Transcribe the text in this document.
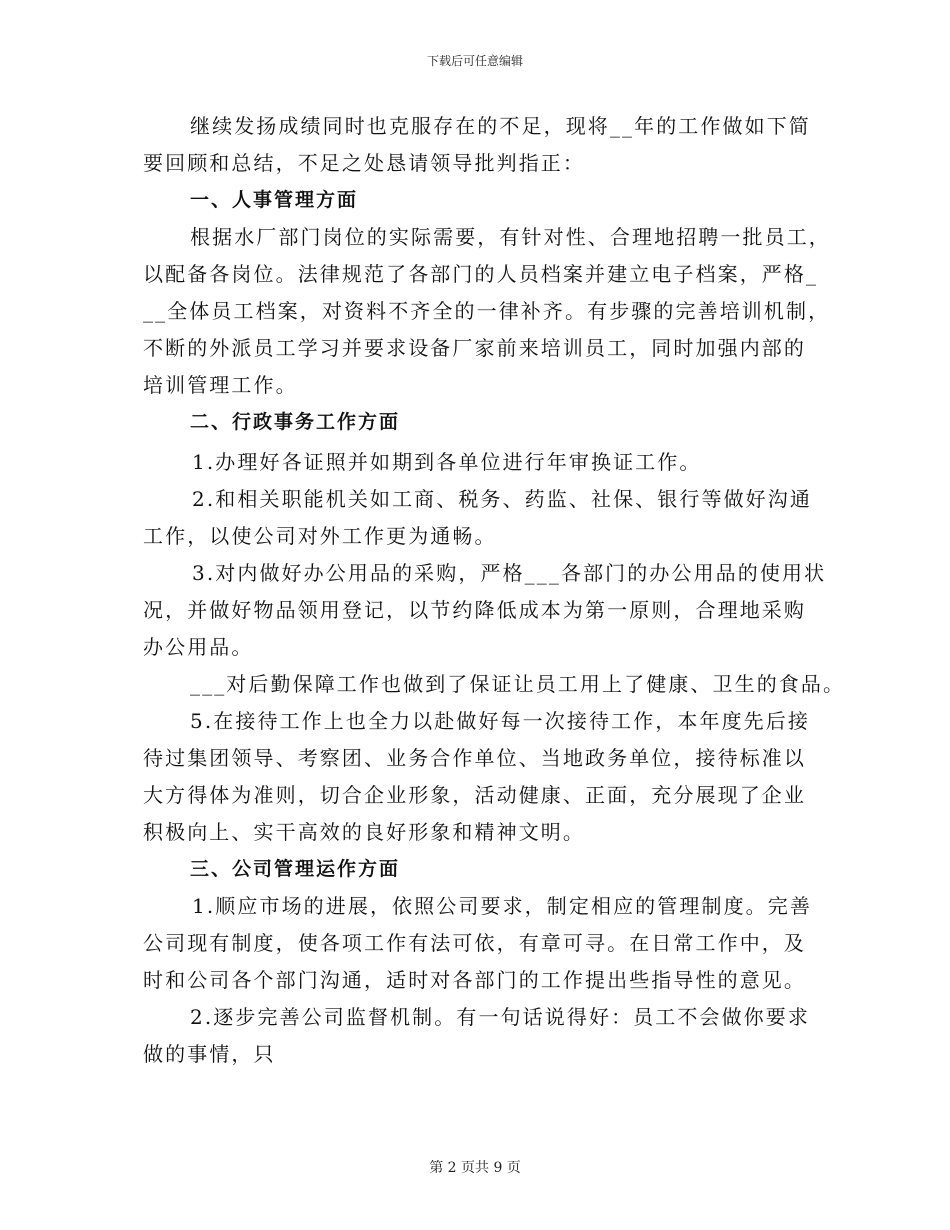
下载后可任意编辑
继续发扬成绩同时也克服存在的不足，现将__年的工作做如下简
要回顾和总结，不足之处恳请领导批判指正：
一、人事管理方面
根据水厂部门岗位的实际需要，有针对性、合理地招聘一批员工，
以配备各岗位。法律规范了各部门的人员档案并建立电子档案，严格_
__全体员工档案，对资料不齐全的一律补齐。有步骤的完善培训机制，
不断的外派员工学习并要求设备厂家前来培训员工，同时加强内部的
培训管理工作。
二、行政事务工作方面
1.办理好各证照并如期到各单位进行年审换证工作。
2.和相关职能机关如工商、税务、药监、社保、银行等做好沟通
工作，以使公司对外工作更为通畅。
3.对内做好办公用品的采购，严格___各部门的办公用品的使用状
况，并做好物品领用登记，以节约降低成本为第一原则，合理地采购
办公用品。
___对后勤保障工作也做到了保证让员工用上了健康、卫生的食品。
5.在接待工作上也全力以赴做好每一次接待工作，本年度先后接
待过集团领导、考察团、业务合作单位、当地政务单位，接待标准以
大方得体为准则，切合企业形象，活动健康、正面，充分展现了企业
积极向上、实干高效的良好形象和精神文明。
三、公司管理运作方面
1.顺应市场的进展，依照公司要求，制定相应的管理制度。完善
公司现有制度，使各项工作有法可依，有章可寻。在日常工作中，及
时和公司各个部门沟通，适时对各部门的工作提出些指导性的意见。
2.逐步完善公司监督机制。有一句话说得好：员工不会做你要求
做的事情，只
第 2 页共 9 页
